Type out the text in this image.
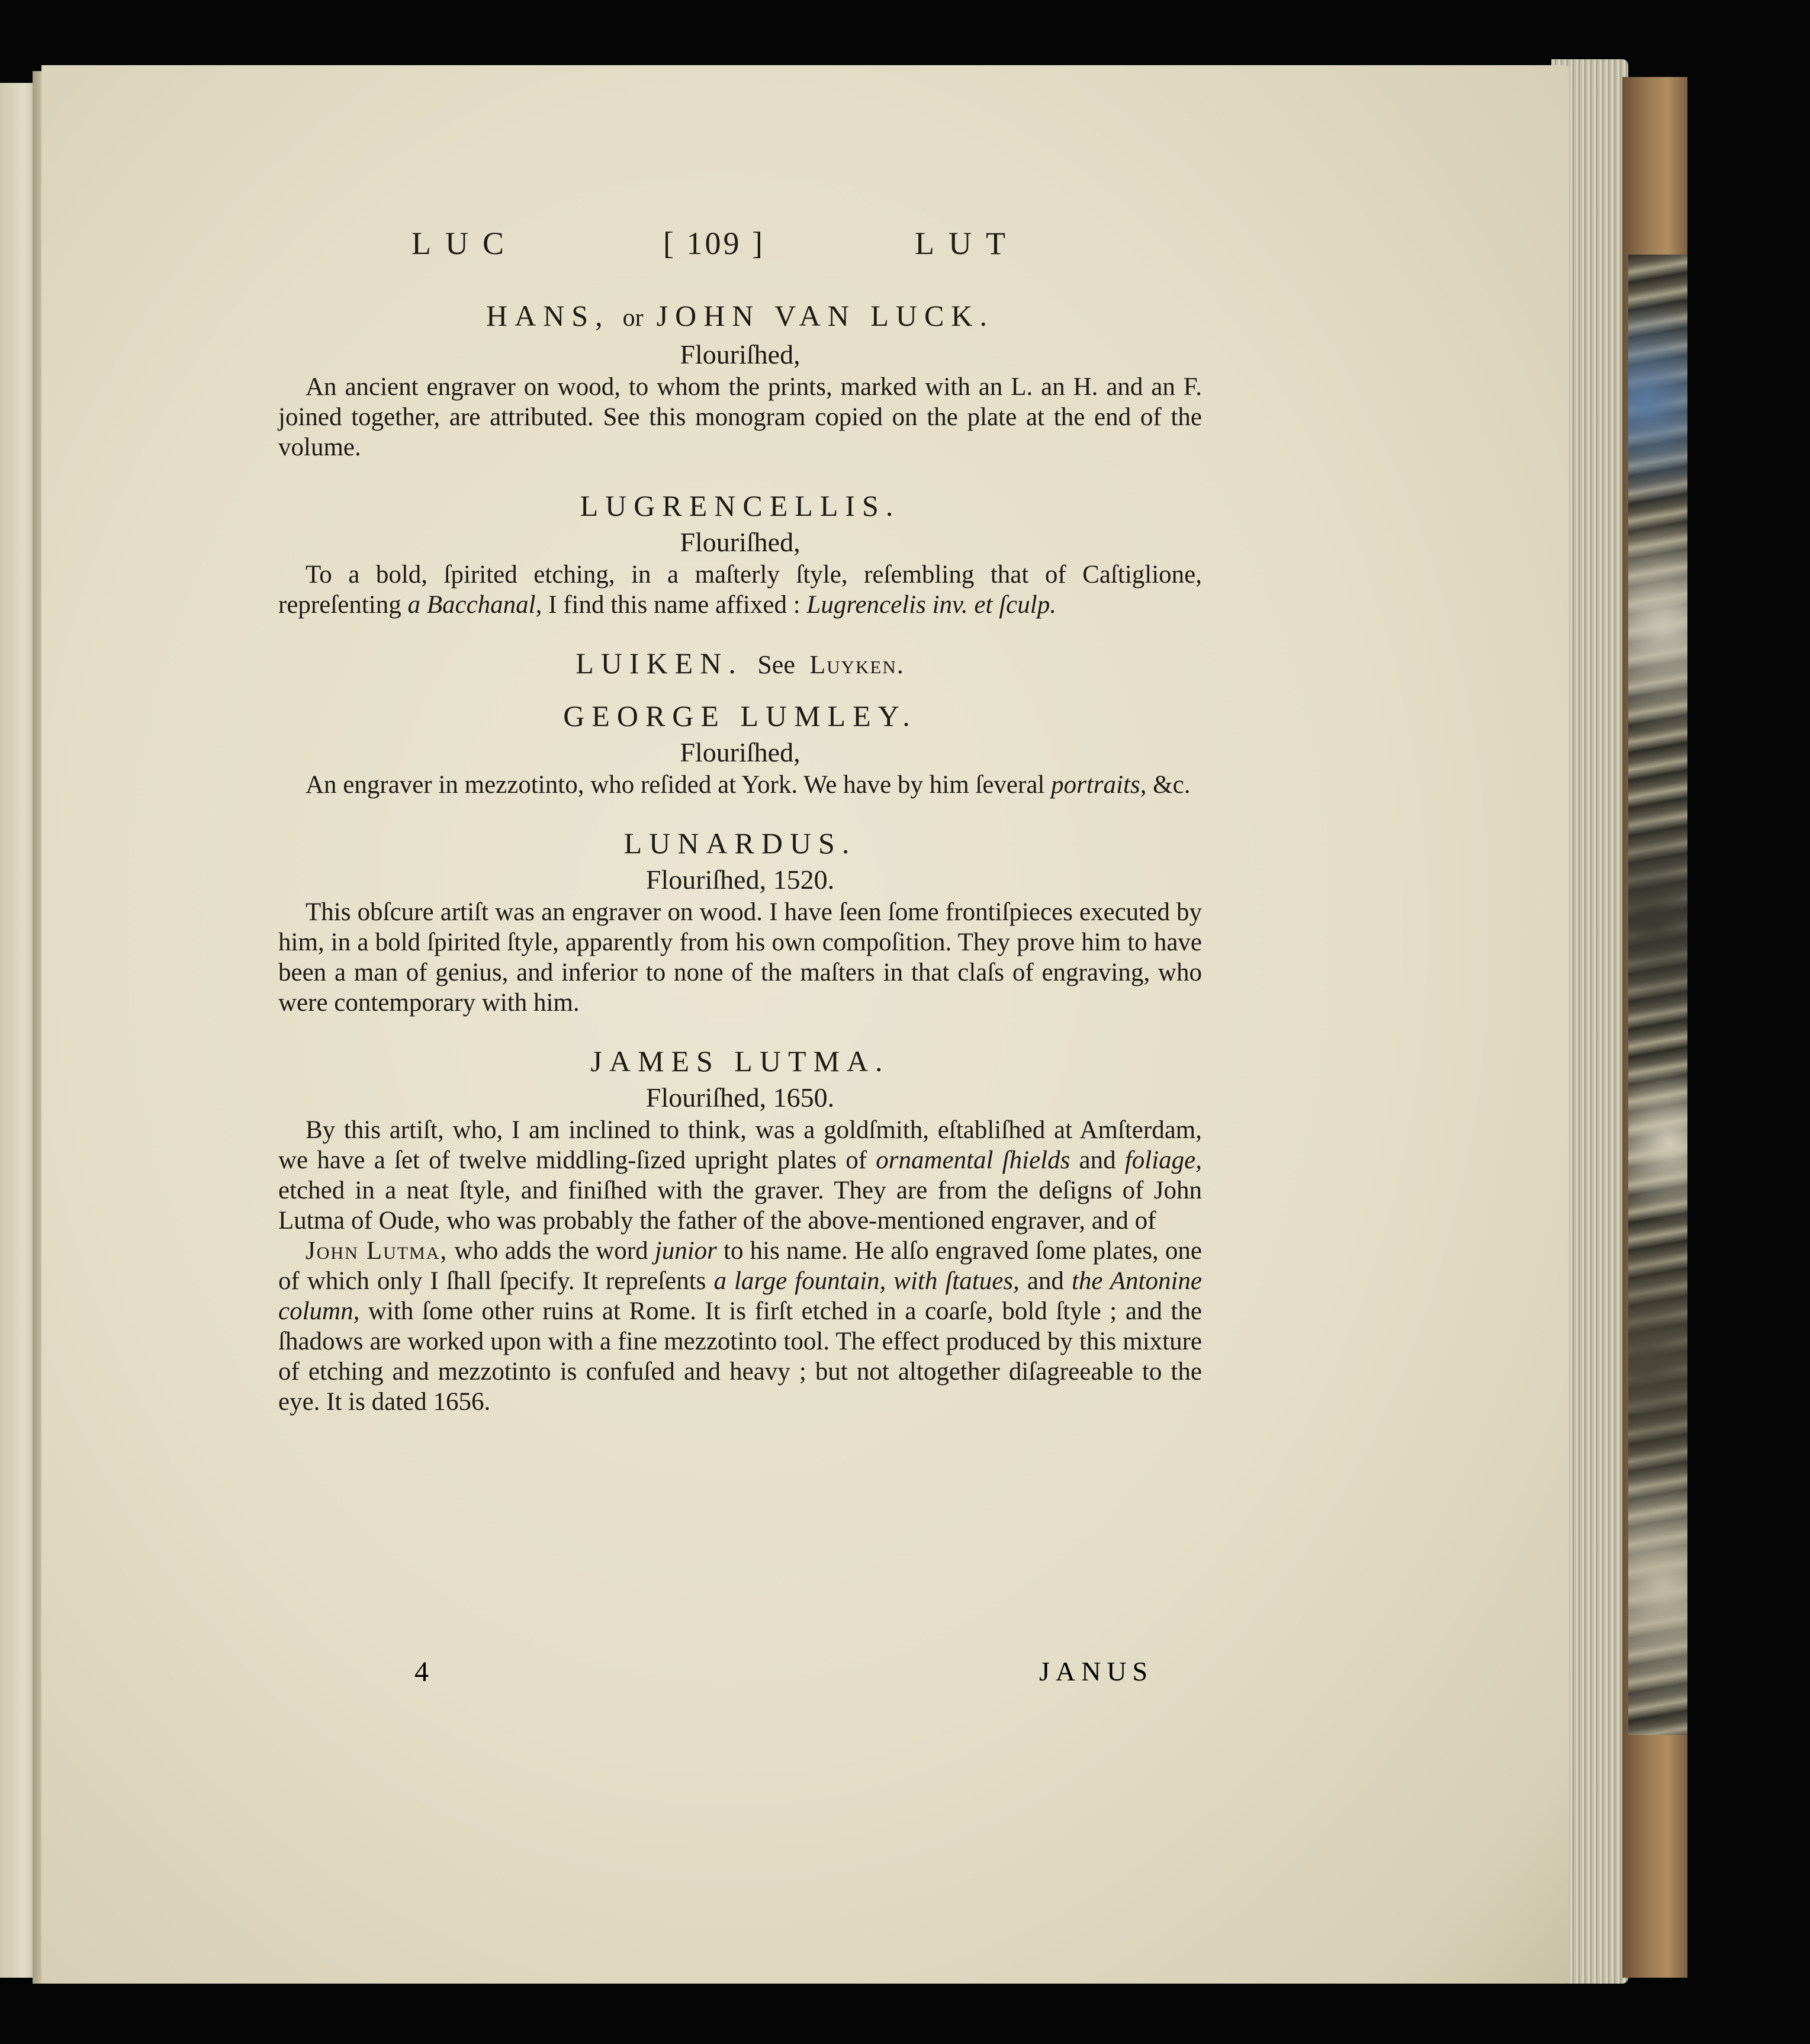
LUC	[ 109 ]	LUT

HANS, or JOHN VAN LUCK.

Flouriſhed,

An ancient engraver on wood, to whom the prints, marked with an L. an H. and an F. joined together, are attributed. See this monogram copied on the plate at the end of the volume.

LUGRENCELLIS.

Flouriſhed,

To a bold, ſpirited etching, in a maſterly ſtyle, reſembling that of Caſtiglione, repreſenting a Bacchanal, I find this name affixed : Lugrencelis inv. et ſculp.

LUIKEN. See Luyken.

GEORGE LUMLEY.

Flouriſhed,

An engraver in mezzotinto, who reſided at York. We have by him ſeveral portraits, &c.

LUNARDUS.

Flouriſhed, 1520.

This obſcure artiſt was an engraver on wood. I have ſeen ſome frontiſpieces executed by him, in a bold ſpirited ſtyle, apparently from his own compoſition. They prove him to have been a man of genius, and inferior to none of the maſters in that claſs of engraving, who were contemporary with him.

JAMES LUTMA.

Flouriſhed, 1650.

By this artiſt, who, I am inclined to think, was a goldſmith, eſtabliſhed at Amſterdam, we have a ſet of twelve middling-ſized upright plates of ornamental ſhields and foliage, etched in a neat ſtyle, and finiſhed with the graver. They are from the deſigns of John Lutma of Oude, who was probably the father of the above-mentioned engraver, and of

John Lutma, who adds the word junior to his name. He alſo engraved ſome plates, one of which only I ſhall ſpecify. It repreſents a large fountain, with ſtatues, and the Antonine column, with ſome other ruins at Rome. It is firſt etched in a coarſe, bold ſtyle ; and the ſhadows are worked upon with a fine mezzotinto tool. The effect produced by this mixture of etching and mezzotinto is confuſed and heavy ; but not altogether diſagreeable to the eye. It is dated 1656.

4	JANUS
